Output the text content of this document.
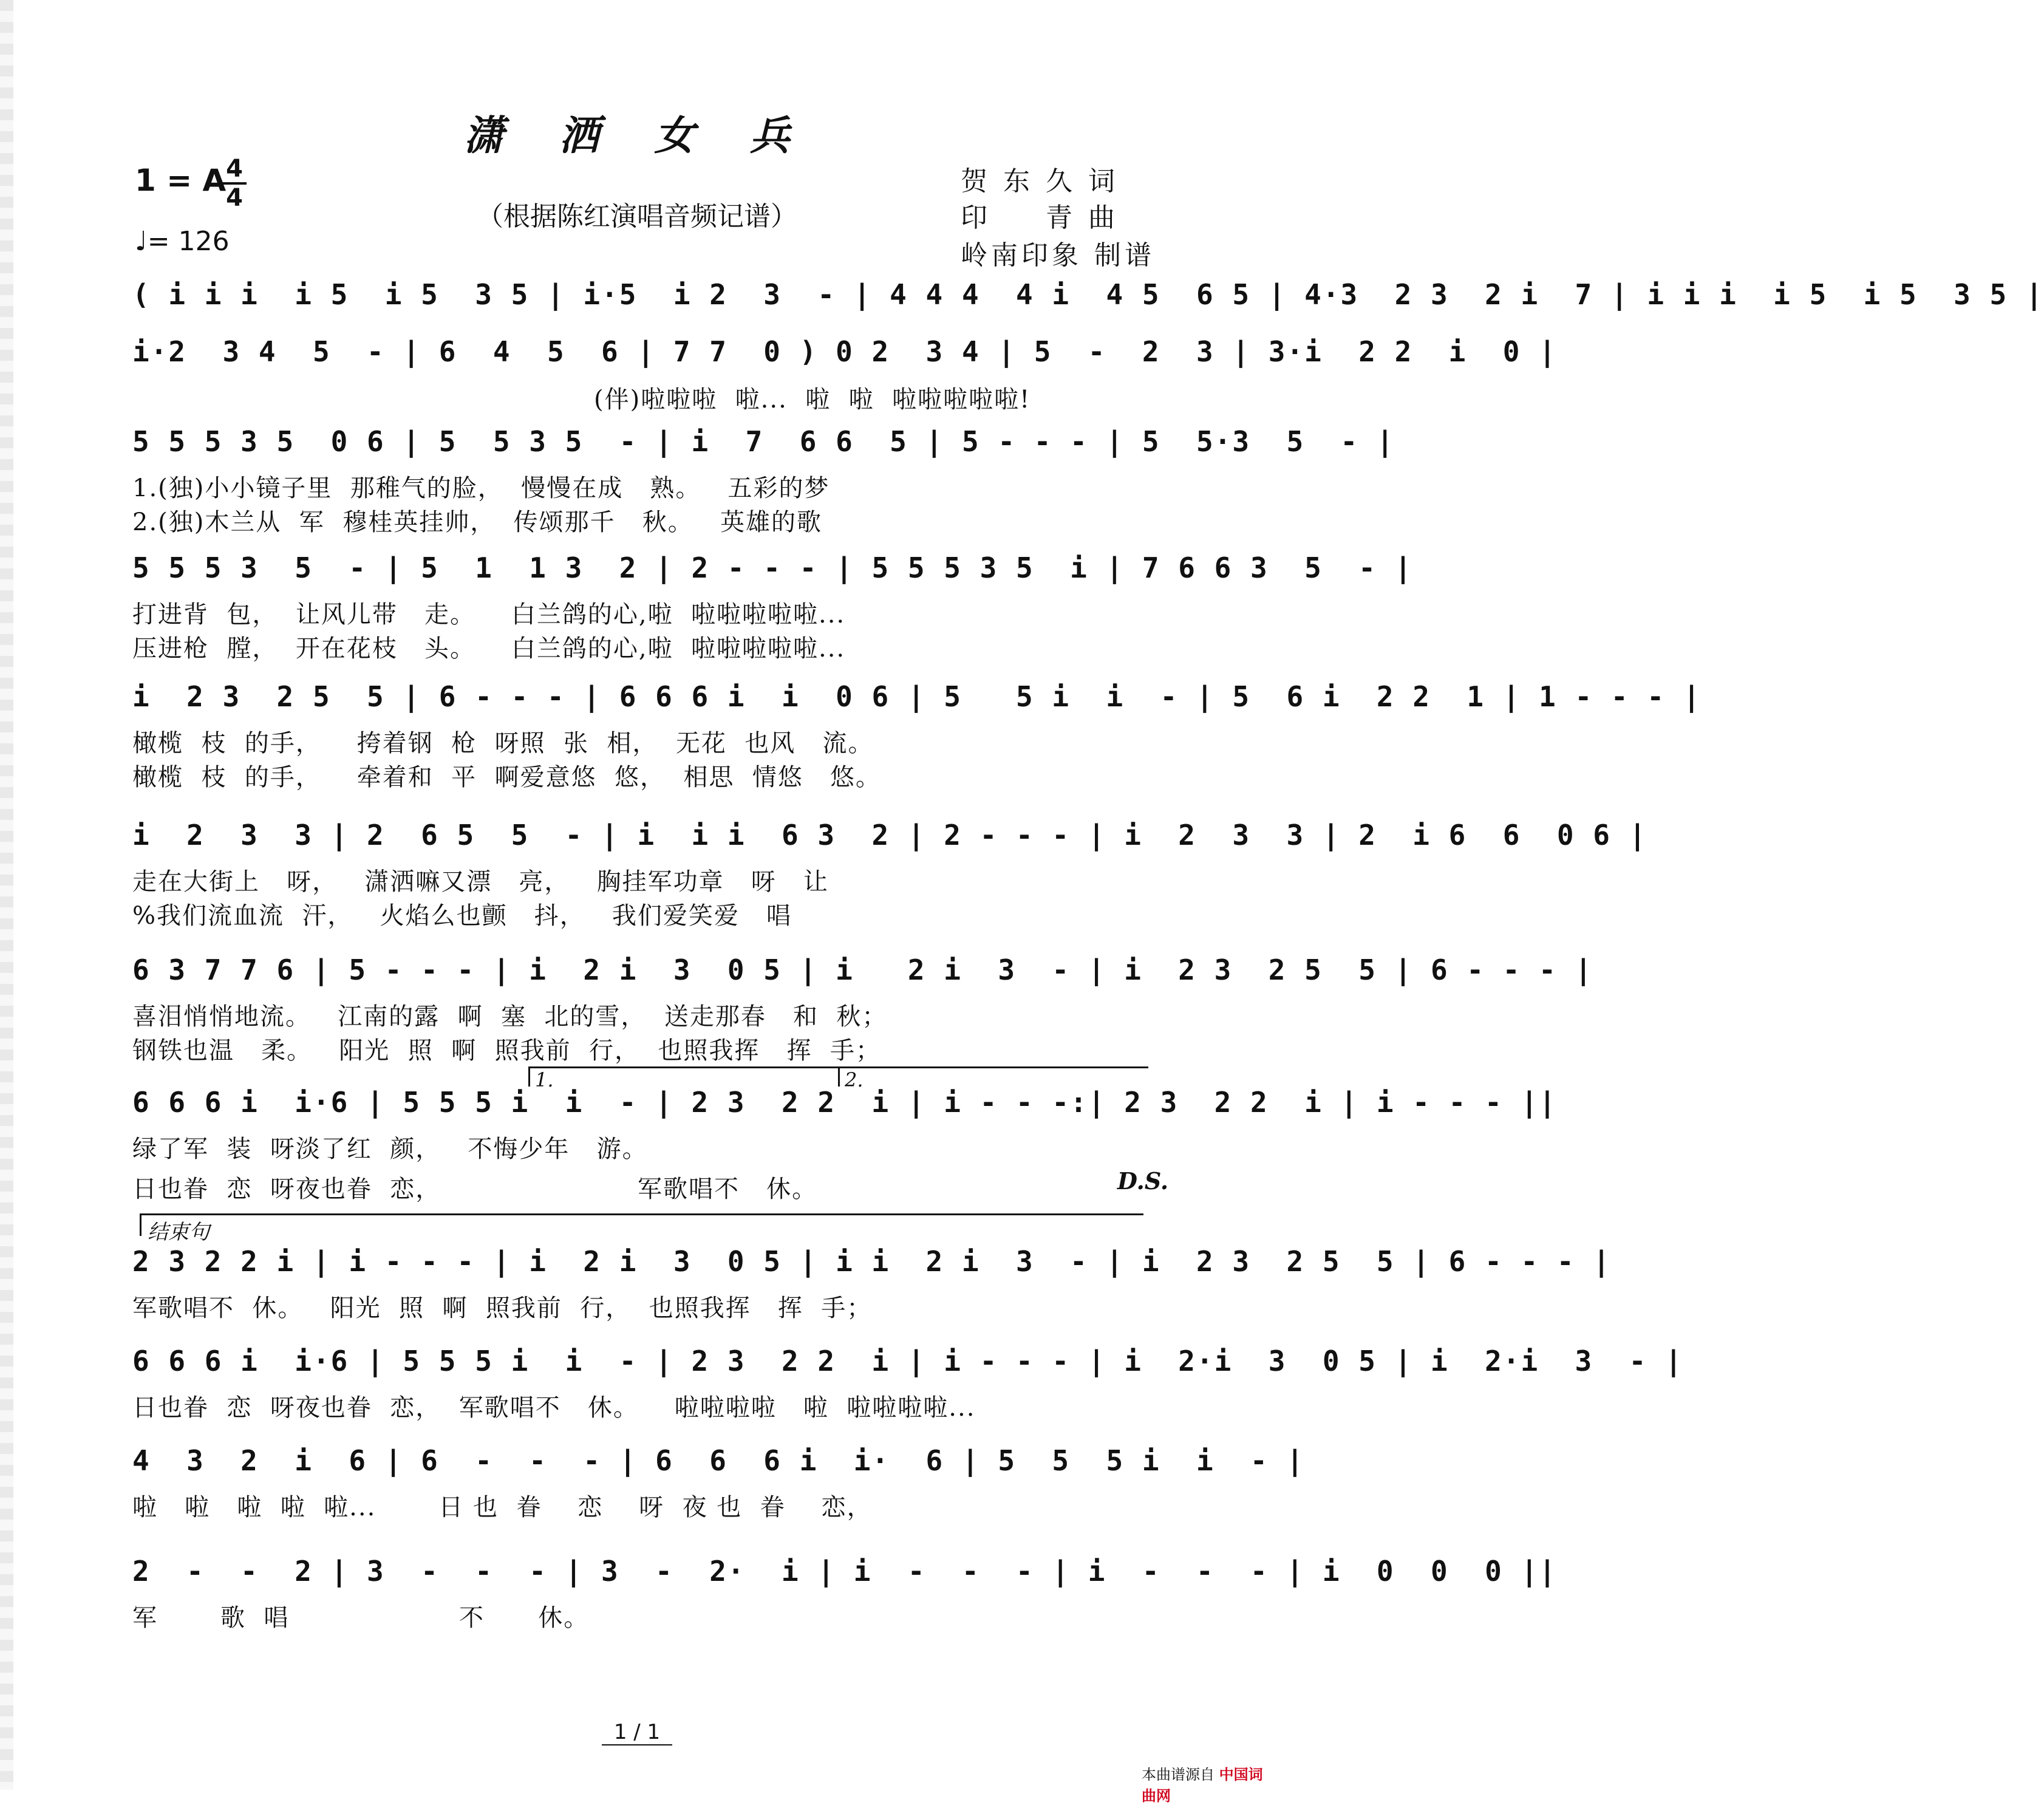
潇 洒 女 兵
1 = A 4
4
♩= 126
（根据陈红演唱音频记谱）
贺 东 久 词
印 　 青 曲
岭南印象 制谱
( i i i  i 5  i 5  3 5 | i·5  i 2  3  - | 4 4 4  4 i  4 5  6 5 | 4·3  2 3  2 i  7 | i i i  i 5  i 5  3 5 |
i·2  3 4  5  - | 6  4  5  6 | 7 7  0 ) 0 2  3 4 | 5  -  2  3 | 3·i  2 2  i  0 |
(伴)啦啦啦  啦...  啦  啦  啦啦啦啦啦!
5 5 5 3 5  0 6 | 5  5 3 5  - | i  7  6 6  5 | 5 - - - | 5  5·3  5  - |
1.(独)小小镜子里  那稚气的脸，  慢慢在成   熟。   五彩的梦
2.(独)木兰从  军  穆桂英挂帅，  传颂那千   秋。   英雄的歌
5 5 5 3  5  - | 5  1  1 3  2 | 2 - - - | 5 5 5 3 5  i | 7 6 6 3  5  - |
打进背  包，  让风儿带   走。    白兰鸽的心,啦  啦啦啦啦啦...
压进枪  膛，  开在花枝   头。    白兰鸽的心,啦  啦啦啦啦啦...
i  2 3  2 5  5 | 6 - - - | 6 6 6 i  i  0 6 | 5   5 i  i  - | 5  6 i  2 2  1 | 1 - - - |
橄榄  枝  的手，    挎着钢  枪  呀照  张  相，  无花  也风   流。
橄榄  枝  的手，    牵着和  平  啊爱意悠  悠，  相思  情悠   悠。
i  2  3  3 | 2  6 5  5  - | i  i i  6 3  2 | 2 - - - | i  2  3  3 | 2  i 6  6  0 6 |
走在大街上   呀，   潇洒嘛又漂   亮，   胸挂军功章   呀   让
%我们流血流  汗，   火焰么也颤   抖，   我们爱笑爱   唱
6 3 7 7 6 | 5 - - - | i  2 i  3  0 5 | i   2 i  3  - | i  2 3  2 5  5 | 6 - - - |
喜泪悄悄地流。   江南的露  啊  塞  北的雪，  送走那春   和  秋；
钢铁也温   柔。   阳光  照  啊  照我前  行，  也照我挥   挥  手；
1.	2.
6 6 6 i  i·6 | 5 5 5 i  i  - | 2 3  2 2  i | i - - -:| 2 3  2 2  i | i - - - ||
绿了军  装  呀淡了红  颜，   不悔少年   游。
日也眷  恋  呀夜也眷  恋，                      军歌唱不   休。	D.S.
结束句
2 3 2 2 i | i - - - | i  2 i  3  0 5 | i i  2 i  3  - | i  2 3  2 5  5 | 6 - - - |
军歌唱不  休。   阳光  照  啊  照我前  行，  也照我挥   挥  手；
6 6 6 i  i·6 | 5 5 5 i  i  - | 2 3  2 2  i | i - - - | i  2·i  3  0 5 | i  2·i  3  - |
日也眷  恋  呀夜也眷  恋，  军歌唱不   休。    啦啦啦啦   啦  啦啦啦啦...
4  3  2  i  6 | 6  -  -  - | 6  6  6 i  i·  6 | 5  5  5 i  i  - |
啦   啦   啦  啦  啦...       日 也  眷    恋    呀  夜 也  眷    恋，
2  -  -  2 | 3  -  -  - | 3  -  2·  i | i  -  -  - | i  -  -  - | i  0  0  0 ||
军       歌  唱                   不      休。
1 / 1
本曲谱源自 中国词曲网
